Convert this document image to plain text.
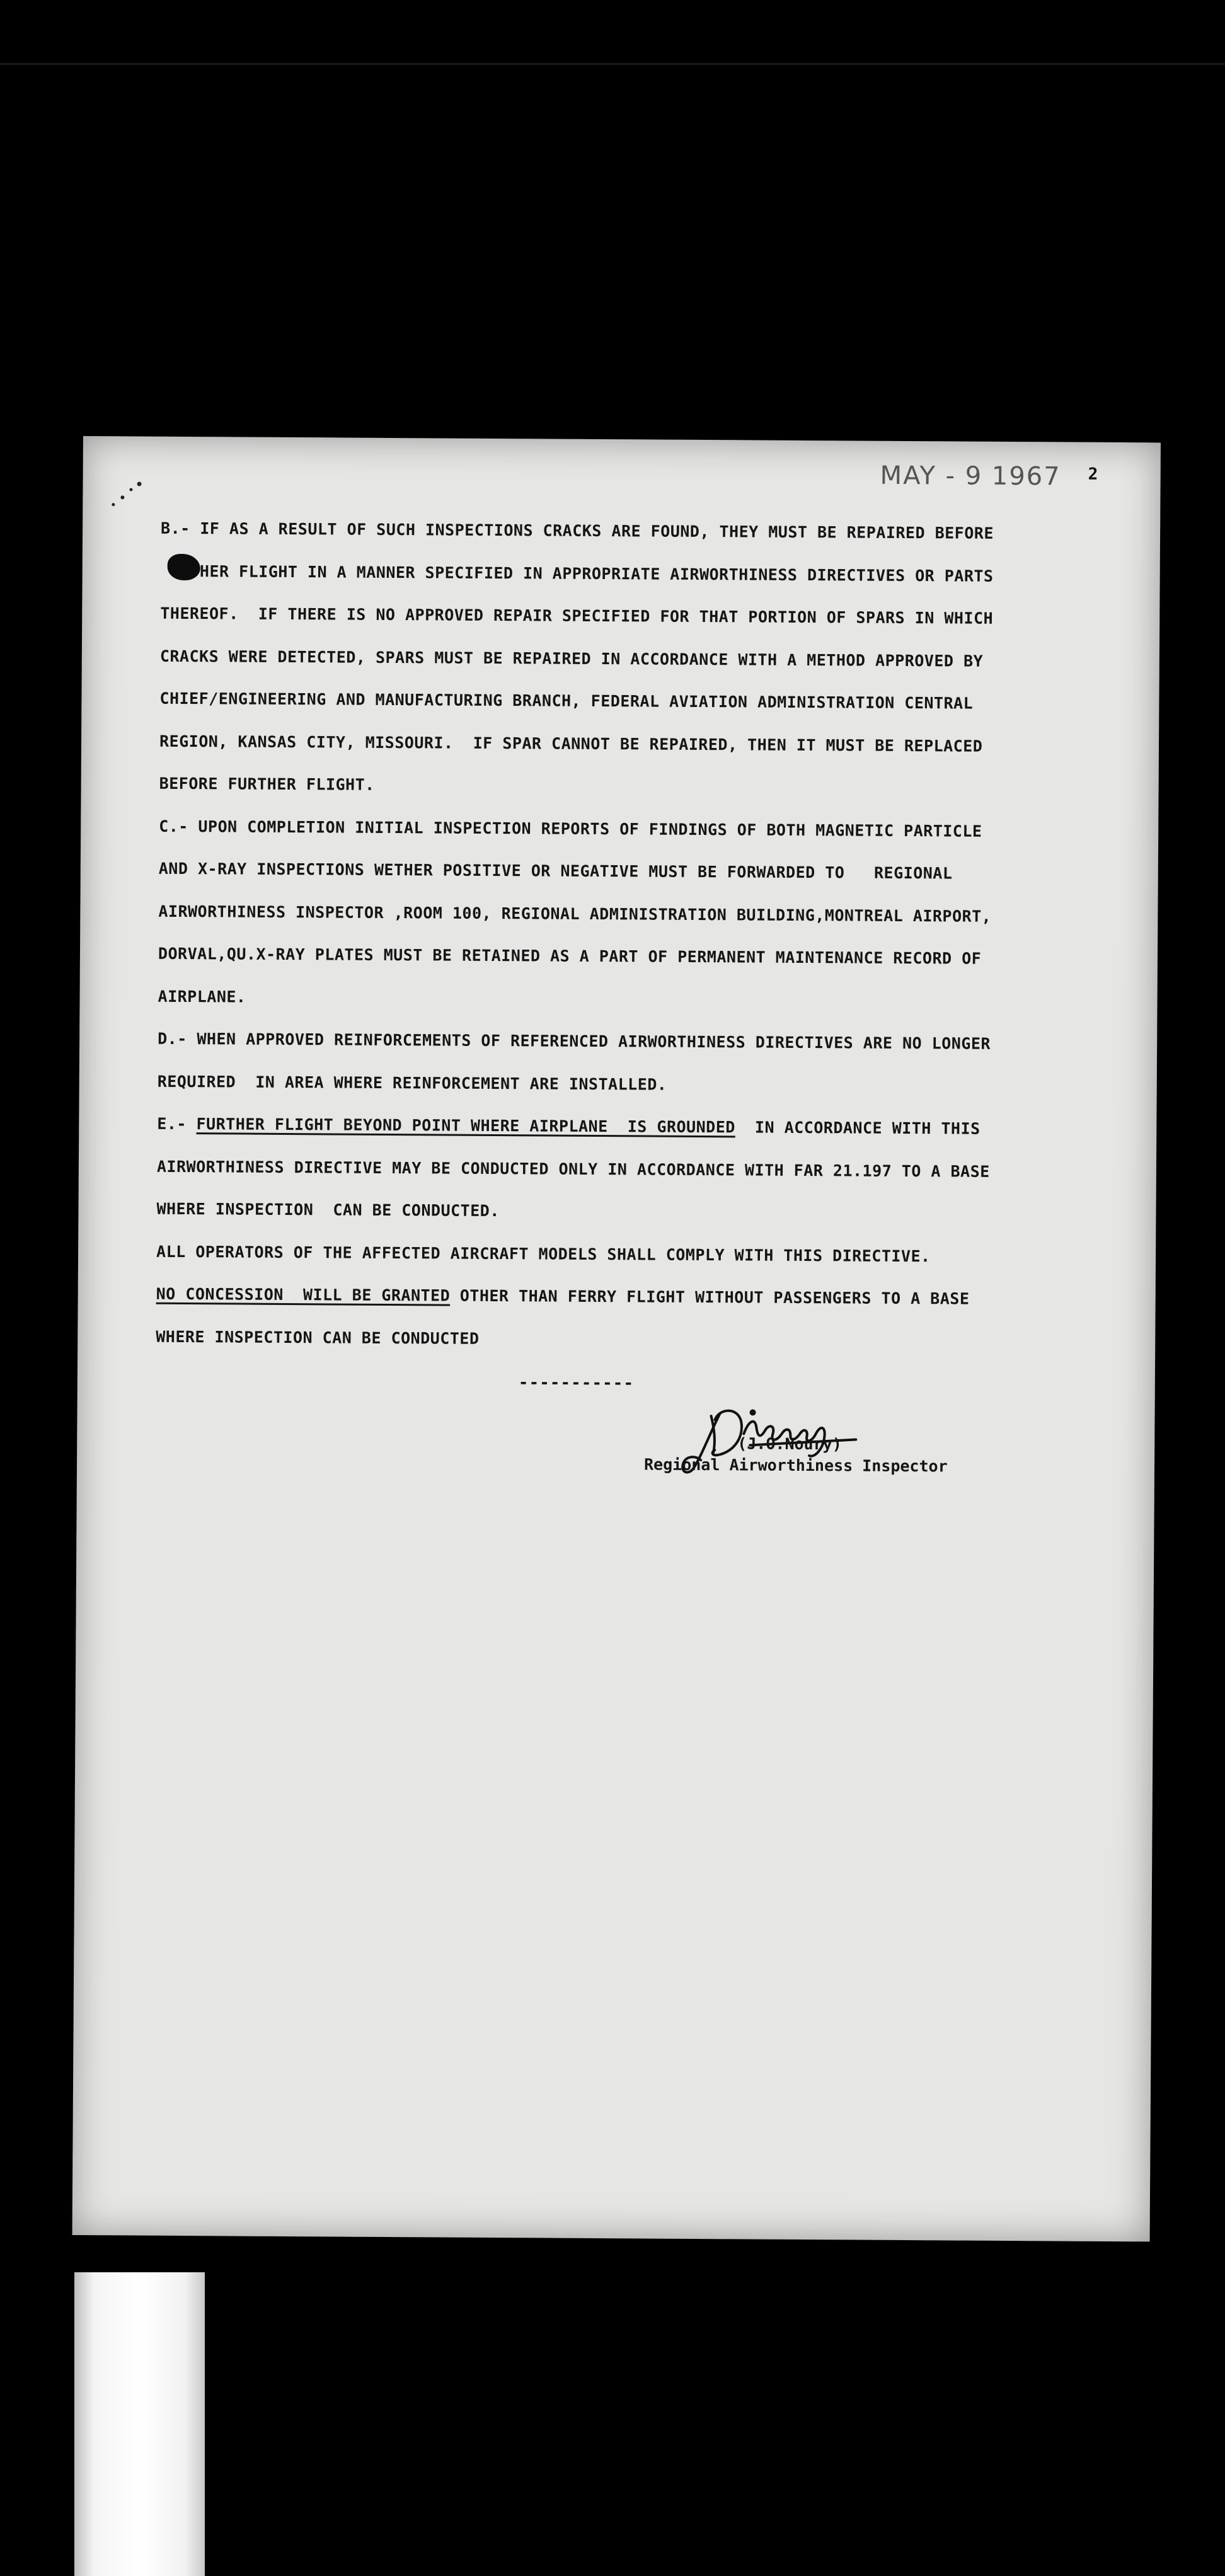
MAY - 9 1967 2
B.- IF AS A RESULT OF SUCH INSPECTIONS CRACKS ARE FOUND, THEY MUST BE REPAIRED BEFORE
HER FLIGHT IN A MANNER SPECIFIED IN APPROPRIATE AIRWORTHINESS DIRECTIVES OR PARTS
THEREOF.  IF THERE IS NO APPROVED REPAIR SPECIFIED FOR THAT PORTION OF SPARS IN WHICH
CRACKS WERE DETECTED, SPARS MUST BE REPAIRED IN ACCORDANCE WITH A METHOD APPROVED BY
CHIEF/ENGINEERING AND MANUFACTURING BRANCH, FEDERAL AVIATION ADMINISTRATION CENTRAL
REGION, KANSAS CITY, MISSOURI.  IF SPAR CANNOT BE REPAIRED, THEN IT MUST BE REPLACED
BEFORE FURTHER FLIGHT.
C.- UPON COMPLETION INITIAL INSPECTION REPORTS OF FINDINGS OF BOTH MAGNETIC PARTICLE
AND X-RAY INSPECTIONS WETHER POSITIVE OR NEGATIVE MUST BE FORWARDED TO   REGIONAL
AIRWORTHINESS INSPECTOR ,ROOM 100, REGIONAL ADMINISTRATION BUILDING,MONTREAL AIRPORT,
DORVAL,QU.X-RAY PLATES MUST BE RETAINED AS A PART OF PERMANENT MAINTENANCE RECORD OF
AIRPLANE.
D.- WHEN APPROVED REINFORCEMENTS OF REFERENCED AIRWORTHINESS DIRECTIVES ARE NO LONGER
REQUIRED  IN AREA WHERE REINFORCEMENT ARE INSTALLED.
E.- FURTHER FLIGHT BEYOND POINT WHERE AIRPLANE  IS GROUNDED  IN ACCORDANCE WITH THIS
AIRWORTHINESS DIRECTIVE MAY BE CONDUCTED ONLY IN ACCORDANCE WITH FAR 21.197 TO A BASE
WHERE INSPECTION  CAN BE CONDUCTED.
ALL OPERATORS OF THE AFFECTED AIRCRAFT MODELS SHALL COMPLY WITH THIS DIRECTIVE.
NO CONCESSION  WILL BE GRANTED OTHER THAN FERRY FLIGHT WITHOUT PASSENGERS TO A BASE
WHERE INSPECTION CAN BE CONDUCTED
-----------
(J.O.Noury)
Regional Airworthiness Inspector
